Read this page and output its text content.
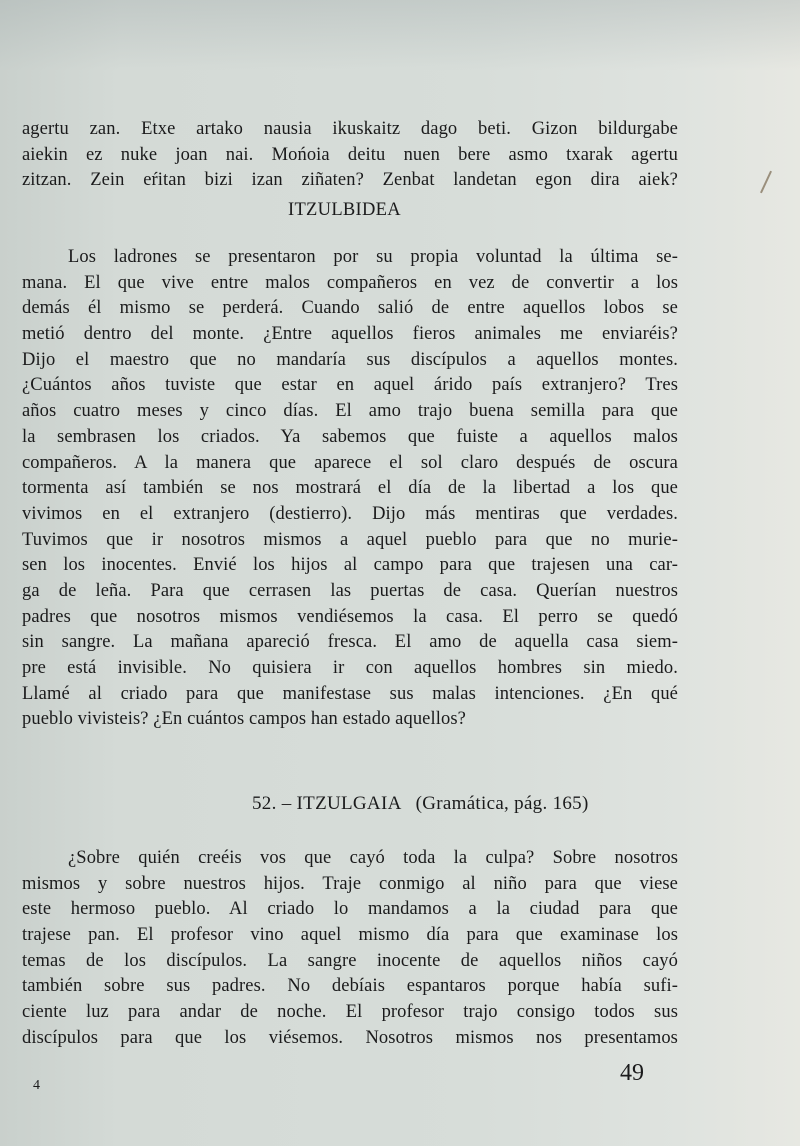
agertu zan. Etxe artako nausia ikuskaitz dago beti. Gizon bildurgabe
aiekin ez nuke joan nai. Mońoia deitu nuen bere asmo txarak agertu
zitzan. Zein eŕitan bizi izan ziñaten? Zenbat landetan egon dira aiek?
ITZULBIDEA
Los ladrones se presentaron por su propia voluntad la última se-
mana. El que vive entre malos compañeros en vez de convertir a los
demás él mismo se perderá. Cuando salió de entre aquellos lobos se
metió dentro del monte. ¿Entre aquellos fieros animales me enviaréis?
Dijo el maestro que no mandaría sus discípulos a aquellos montes.
¿Cuántos años tuviste que estar en aquel árido país extranjero? Tres
años cuatro meses y cinco días. El amo trajo buena semilla para que
la sembrasen los criados. Ya sabemos que fuiste a aquellos malos
compañeros. A la manera que aparece el sol claro después de oscura
tormenta así también se nos mostrará el día de la libertad a los que
vivimos en el extranjero (destierro). Dijo más mentiras que verdades.
Tuvimos que ir nosotros mismos a aquel pueblo para que no murie-
sen los inocentes. Envié los hijos al campo para que trajesen una car-
ga de leña. Para que cerrasen las puertas de casa. Querían nuestros
padres que nosotros mismos vendiésemos la casa. El perro se quedó
sin sangre. La mañana apareció fresca. El amo de aquella casa siem-
pre está invisible. No quisiera ir con aquellos hombres sin miedo.
Llamé al criado para que manifestase sus malas intenciones. ¿En qué
pueblo vivisteis? ¿En cuántos campos han estado aquellos?
52. – ITZULGAIA (Gramática, pág. 165)
¿Sobre quién creéis vos que cayó toda la culpa? Sobre nosotros
mismos y sobre nuestros hijos. Traje conmigo al niño para que viese
este hermoso pueblo. Al criado lo mandamos a la ciudad para que
trajese pan. El profesor vino aquel mismo día para que examinase los
temas de los discípulos. La sangre inocente de aquellos niños cayó
también sobre sus padres. No debíais espantaros porque había sufi-
ciente luz para andar de noche. El profesor trajo consigo todos sus
discípulos para que los viésemos. Nosotros mismos nos presentamos
4	49
